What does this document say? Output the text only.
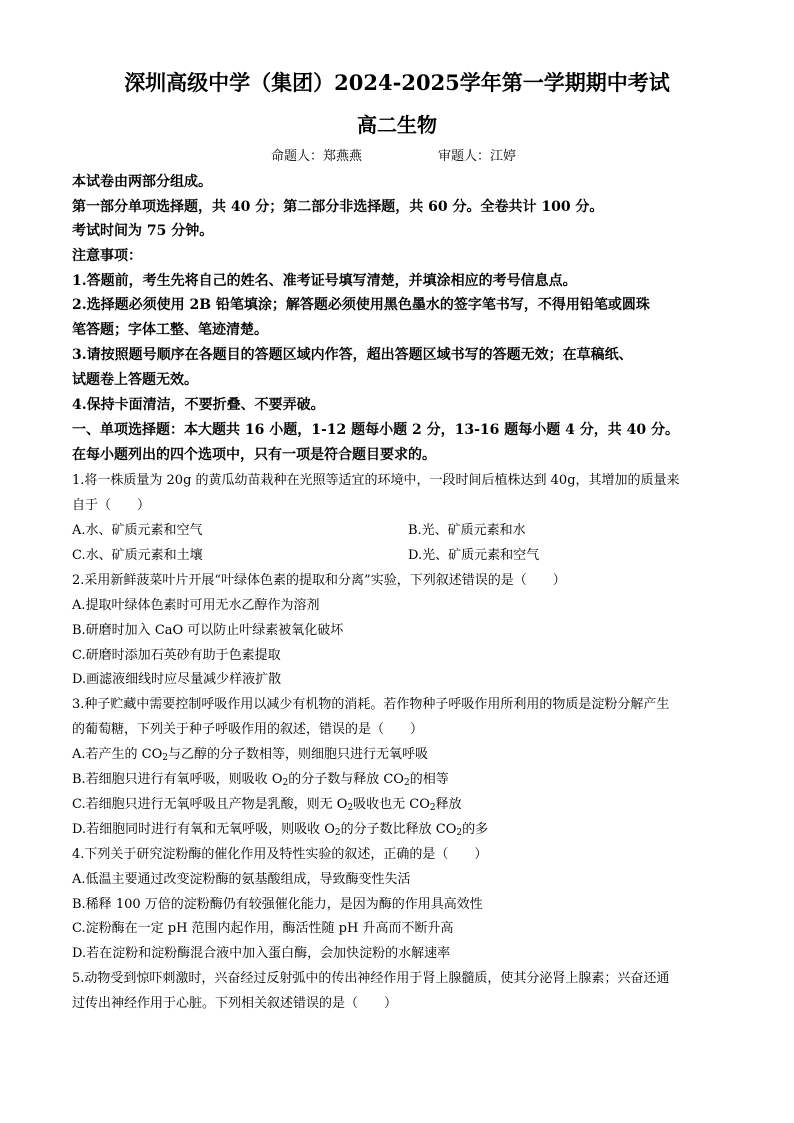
深圳高级中学（集团）2024-2025学年第一学期期中考试
高二生物
命题人：郑燕燕	审题人：江婷
本试卷由两部分组成。
第一部分单项选择题，共 40 分；第二部分非选择题，共 60 分。全卷共计 100 分。
考试时间为 75 分钟。
注意事项：
1.答题前，考生先将自己的姓名、准考证号填写清楚，并填涂相应的考号信息点。
2.选择题必须使用 2B 铅笔填涂；解答题必须使用黑色墨水的签字笔书写，不得用铅笔或圆珠
笔答题；字体工整、笔迹清楚。
3.请按照题号顺序在各题目的答题区域内作答，超出答题区域书写的答题无效；在草稿纸、
试题卷上答题无效。
4.保持卡面清洁，不要折叠、不要弄破。
一、单项选择题：本大题共 16 小题，1-12 题每小题 2 分，13-16 题每小题 4 分，共 40 分。
在每小题列出的四个选项中，只有一项是符合题目要求的。
1.将一株质量为 20g 的黄瓜幼苗栽种在光照等适宜的环境中，一段时间后植株达到 40g，其增加的质量来
自于（　　）
A.水、矿质元素和空气	B.光、矿质元素和水
C.水、矿质元素和土壤	D.光、矿质元素和空气
2.采用新鲜菠菜叶片开展“叶绿体色素的提取和分离”实验，下列叙述错误的是（　　）
A.提取叶绿体色素时可用无水乙醇作为溶剂
B.研磨时加入 CaO 可以防止叶绿素被氧化破坏
C.研磨时添加石英砂有助于色素提取
D.画滤液细线时应尽量减少样液扩散
3.种子贮藏中需要控制呼吸作用以减少有机物的消耗。若作物种子呼吸作用所利用的物质是淀粉分解产生
的葡萄糖，下列关于种子呼吸作用的叙述，错误的是（　　）
A.若产生的 $CO_2$与乙醇的分子数相等，则细胞只进行无氧呼吸
B.若细胞只进行有氧呼吸，则吸收 $O_2$的分子数与释放 $CO_2$的相等
C.若细胞只进行无氧呼吸且产物是乳酸，则无 $O_2$吸收也无 $CO_2$释放
D.若细胞同时进行有氧和无氧呼吸，则吸收 $O_2$的分子数比释放 $CO_2$的多
4.下列关于研究淀粉酶的催化作用及特性实验的叙述，正确的是（　　）
A.低温主要通过改变淀粉酶的氨基酸组成，导致酶变性失活
B.稀释 100 万倍的淀粉酶仍有较强催化能力，是因为酶的作用具高效性
C.淀粉酶在一定 pH 范围内起作用，酶活性随 pH 升高而不断升高
D.若在淀粉和淀粉酶混合液中加入蛋白酶，会加快淀粉的水解速率
5.动物受到惊吓刺激时，兴奋经过反射弧中的传出神经作用于肾上腺髓质，使其分泌肾上腺素；兴奋还通
过传出神经作用于心脏。下列相关叙述错误的是（　　）
